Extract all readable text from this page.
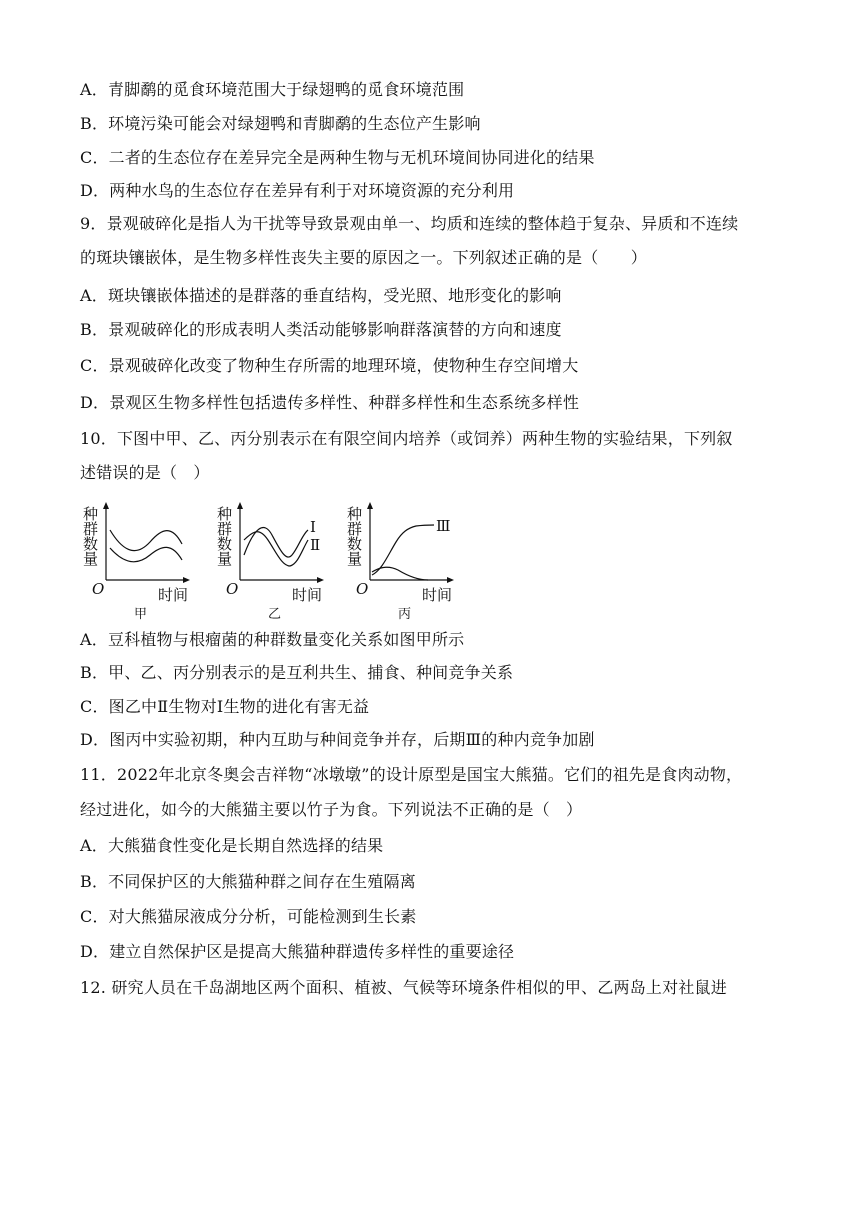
A．青脚鹬的觅食环境范围大于绿翅鸭的觅食环境范围
B．环境污染可能会对绿翅鸭和青脚鹬的生态位产生影响
C．二者的生态位存在差异完全是两种生物与无机环境间协同进化的结果
D．两种水鸟的生态位存在差异有利于对环境资源的充分利用
9．景观破碎化是指人为干扰等导致景观由单一、均质和连续的整体趋于复杂、异质和不连续
的斑块镶嵌体，是生物多样性丧失主要的原因之一。下列叙述正确的是（　　）
A．斑块镶嵌体描述的是群落的垂直结构，受光照、地形变化的影响
B．景观破碎化的形成表明人类活动能够影响群落演替的方向和速度
C．景观破碎化改变了物种生存所需的地理环境，使物种生存空间增大
D．景观区生物多样性包括遗传多样性、种群多样性和生态系统多样性
10．下图中甲、乙、丙分别表示在有限空间内培养（或饲养）两种生物的实验结果，下列叙
述错误的是（　）
A．豆科植物与根瘤菌的种群数量变化关系如图甲所示
B．甲、乙、丙分别表示的是互利共生、捕食、种间竞争关系
C．图乙中Ⅱ生物对Ⅰ生物的进化有害无益
D．图丙中实验初期，种内互助与种间竞争并存，后期Ⅲ的种内竞争加剧
11．2022年北京冬奥会吉祥物“冰墩墩”的设计原型是国宝大熊猫。它们的祖先是食肉动物，
经过进化，如今的大熊猫主要以竹子为食。下列说法不正确的是（　）
A．大熊猫食性变化是长期自然选择的结果
B．不同保护区的大熊猫种群之间存在生殖隔离
C．对大熊猫尿液成分分析，可能检测到生长素
D．建立自然保护区是提高大熊猫种群遗传多样性的重要途径
12. 研究人员在千岛湖地区两个面积、植被、气候等环境条件相似的甲、乙两岛上对社鼠进
种群数量
O	时间
甲
种群数量	Ⅰ
Ⅱ
O	时间
乙
种群数量	Ⅲ
O	时间
丙
